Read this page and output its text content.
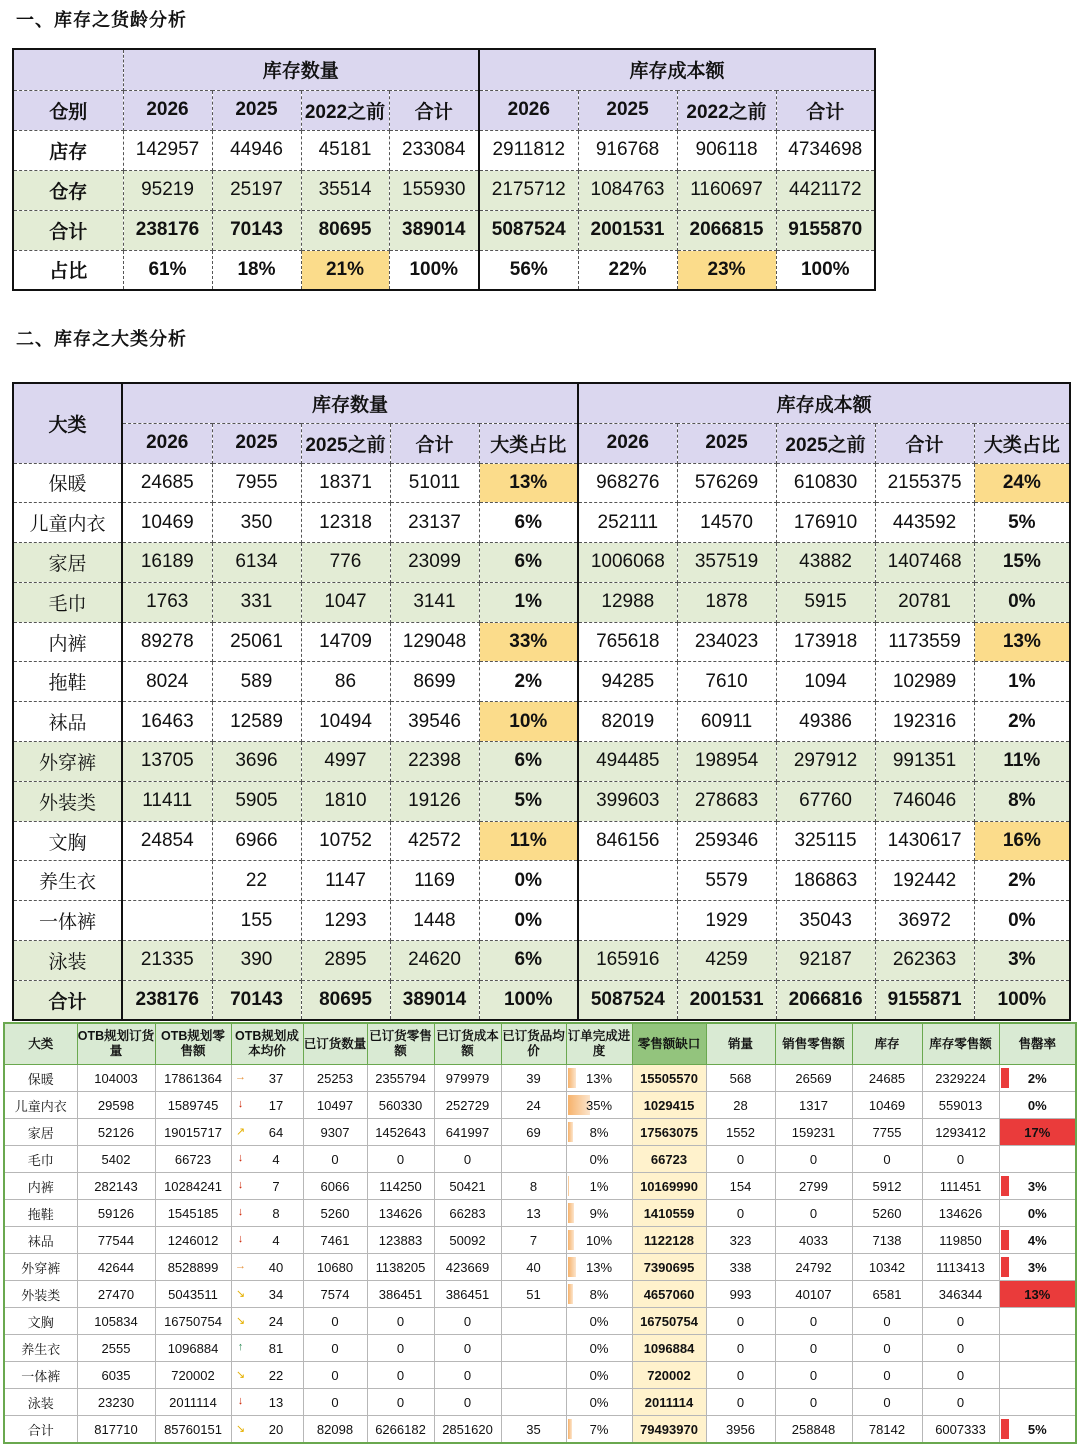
一、库存之货龄分析
	库存数量				库存成本额			
仓别	2026	2025	2022之前	合计	2026	2025	2022之前	合计
店存	142957	44946	45181	233084	2911812	916768	906118	4734698
仓存	95219	25197	35514	155930	2175712	1084763	1160697	4421172
合计	238176	70143	80695	389014	5087524	2001531	2066815	9155870
占比	61%	18%	21%	100%	56%	22%	23%	100%
二、库存之大类分析
大类	库存数量					库存成本额				
	2026	2025	2025之前	合计	大类占比	2026	2025	2025之前	合计	大类占比
保暖	24685	7955	18371	51011	13%	968276	576269	610830	2155375	24%
儿童内衣	10469	350	12318	23137	6%	252111	14570	176910	443592	5%
家居	16189	6134	776	23099	6%	1006068	357519	43882	1407468	15%
毛巾	1763	331	1047	3141	1%	12988	1878	5915	20781	0%
内裤	89278	25061	14709	129048	33%	765618	234023	173918	1173559	13%
拖鞋	8024	589	86	8699	2%	94285	7610	1094	102989	1%
袜品	16463	12589	10494	39546	10%	82019	60911	49386	192316	2%
外穿裤	13705	3696	4997	22398	6%	494485	198954	297912	991351	11%
外装类	11411	5905	1810	19126	5%	399603	278683	67760	746046	8%
文胸	24854	6966	10752	42572	11%	846156	259346	325115	1430617	16%
养生衣		22	1147	1169	0%		5579	186863	192442	2%
一体裤		155	1293	1448	0%		1929	35043	36972	0%
泳装	21335	390	2895	24620	6%	165916	4259	92187	262363	3%
合计	238176	70143	80695	389014	100%	5087524	2001531	2066816	9155871	100%
大类	OTB规划订货量	OTB规划零售额	OTB规划成本均价	已订货数量	已订货零售额	已订货成本额	已订货品均价	订单完成进度	零售额缺口	销量	销售零售额	库存	库存零售额	售罄率
保暖	104003	17861364	→ 37	25253	2355794	979979	39	13%	15505570	568	26569	24685	2329224	2%
儿童内衣	29598	1589745	↓ 17	10497	560330	252729	24	35%	1029415	28	1317	10469	559013	0%
家居	52126	19015717	↗ 64	9307	1452643	641997	69	8%	17563075	1552	159231	7755	1293412	17%
毛巾	5402	66723	↓ 4	0	0	0		0%	66723	0	0	0	0	
内裤	282143	10284241	↓ 7	6066	114250	50421	8	1%	10169990	154	2799	5912	111451	3%
拖鞋	59126	1545185	↓ 8	5260	134626	66283	13	9%	1410559	0	0	5260	134626	0%
袜品	77544	1246012	↓ 4	7461	123883	50092	7	10%	1122128	323	4033	7138	119850	4%
外穿裤	42644	8528899	→ 40	10680	1138205	423669	40	13%	7390695	338	24792	10342	1113413	3%
外装类	27470	5043511	↘ 34	7574	386451	386451	51	8%	4657060	993	40107	6581	346344	13%
文胸	105834	16750754	↘ 24	0	0	0		0%	16750754	0	0	0	0	
养生衣	2555	1096884	↑ 81	0	0	0		0%	1096884	0	0	0	0	
一体裤	6035	720002	↘ 22	0	0	0		0%	720002	0	0	0	0	
泳装	23230	2011114	↓ 13	0	0	0		0%	2011114	0	0	0	0	
合计	817710	85760151	↘ 20	82098	6266182	2851620	35	7%	79493970	3956	258848	78142	6007333	5%
